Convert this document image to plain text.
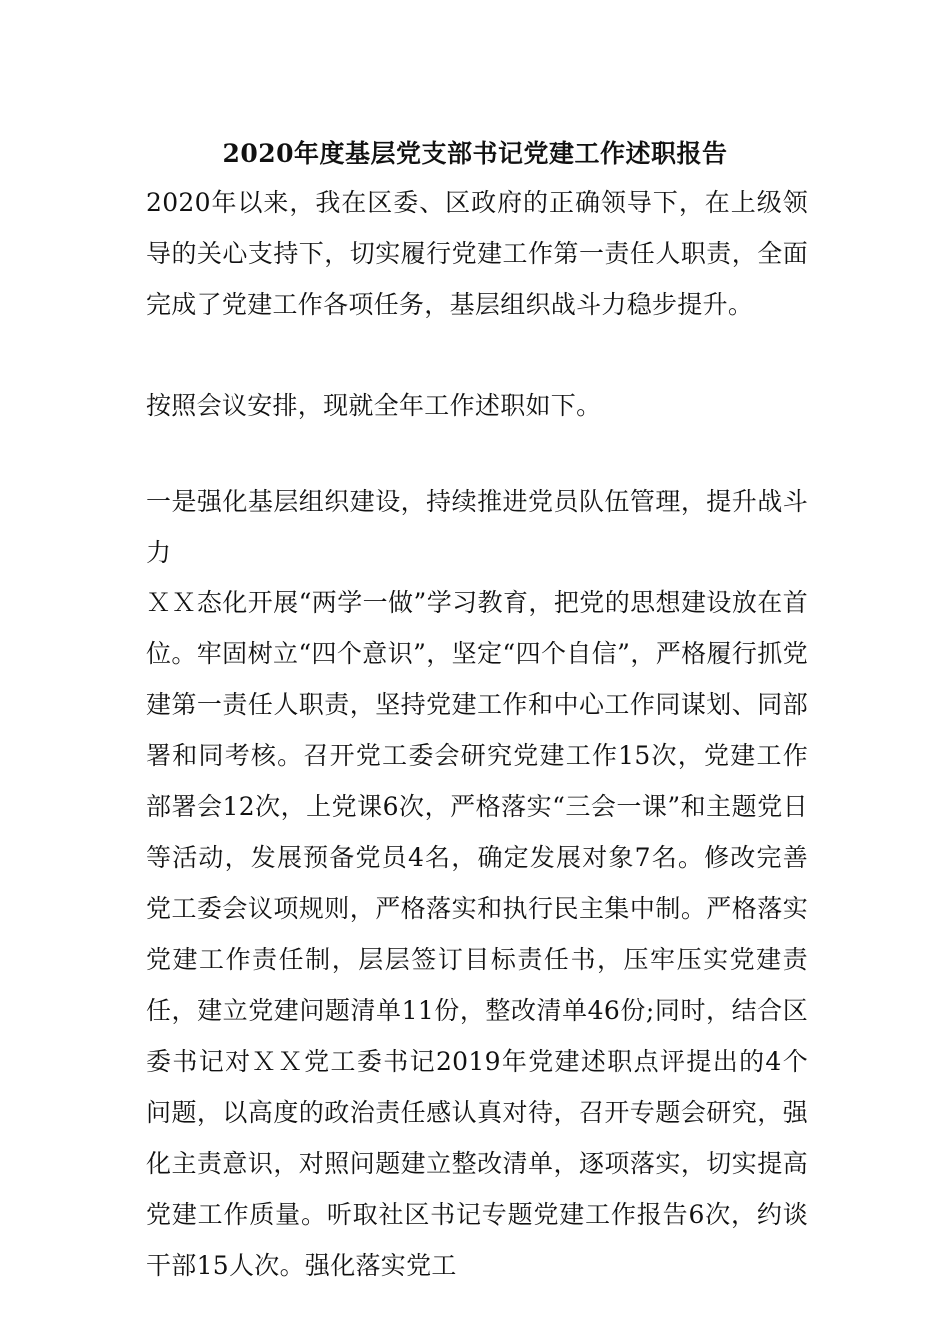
2020年度基层党支部书记党建工作述职报告

2020年以来，我在区委、区政府的正确领导下，在上级领导的关心支持下，切实履行党建工作第一责任人职责，全面完成了党建工作各项任务，基层组织战斗力稳步提升。

按照会议安排，现就全年工作述职如下。

一是强化基层组织建设，持续推进党员队伍管理，提升战斗力

ＸＸ态化开展“两学一做”学习教育，把党的思想建设放在首位。牢固树立“四个意识”，坚定“四个自信”，严格履行抓党建第一责任人职责，坚持党建工作和中心工作同谋划、同部署和同考核。召开党工委会研究党建工作15次，党建工作部署会12次，上党课6次，严格落实“三会一课”和主题党日等活动，发展预备党员4名，确定发展对象7名。修改完善党工委会议项规则，严格落实和执行民主集中制。严格落实党建工作责任制，层层签订目标责任书，压牢压实党建责任，建立党建问题清单11份，整改清单46份;同时，结合区委书记对ＸＸ党工委书记2019年党建述职点评提出的4个问题，以高度的政治责任感认真对待，召开专题会研究，强化主责意识，对照问题建立整改清单，逐项落实，切实提高党建工作质量。听取社区书记专题党建工作报告6次，约谈干部15人次。强化落实党工
